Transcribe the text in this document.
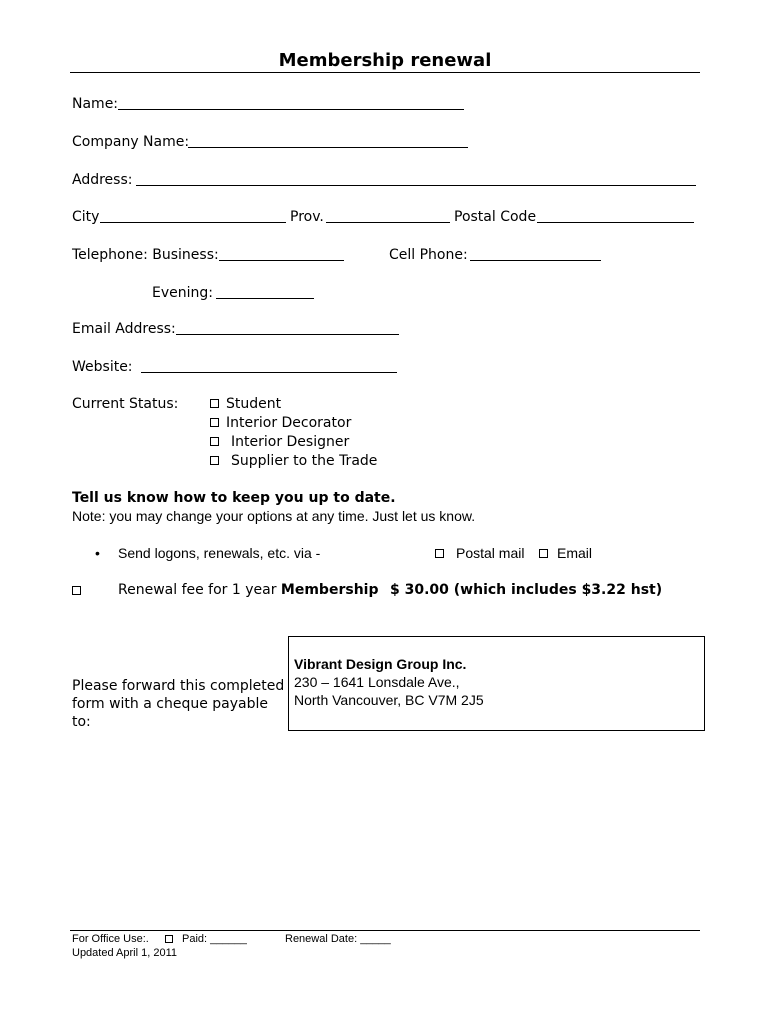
Membership renewal
Name:
Company Name:
Address:
City	Prov.	Postal Code
Telephone: Business:	Cell Phone:
Evening:
Email Address:
Website:
Current Status:	Student
Interior Decorator
Interior Designer
Supplier to the Trade
Tell us know how to keep you up to date.
Note: you may change your options at any time. Just let us know.
• Send logons, renewals, etc. via -	Postal mail Email
Renewal fee for 1 year Membership $ 30.00 (which includes $3.22 hst)
Please forward this completed
form with a cheque payable
to:
Vibrant Design Group Inc.
230 – 1641 Lonsdale Ave.,
North Vancouver, BC V7M 2J5
For Office Use:.	Paid: ______	Renewal Date: _____
Updated April 1, 2011
